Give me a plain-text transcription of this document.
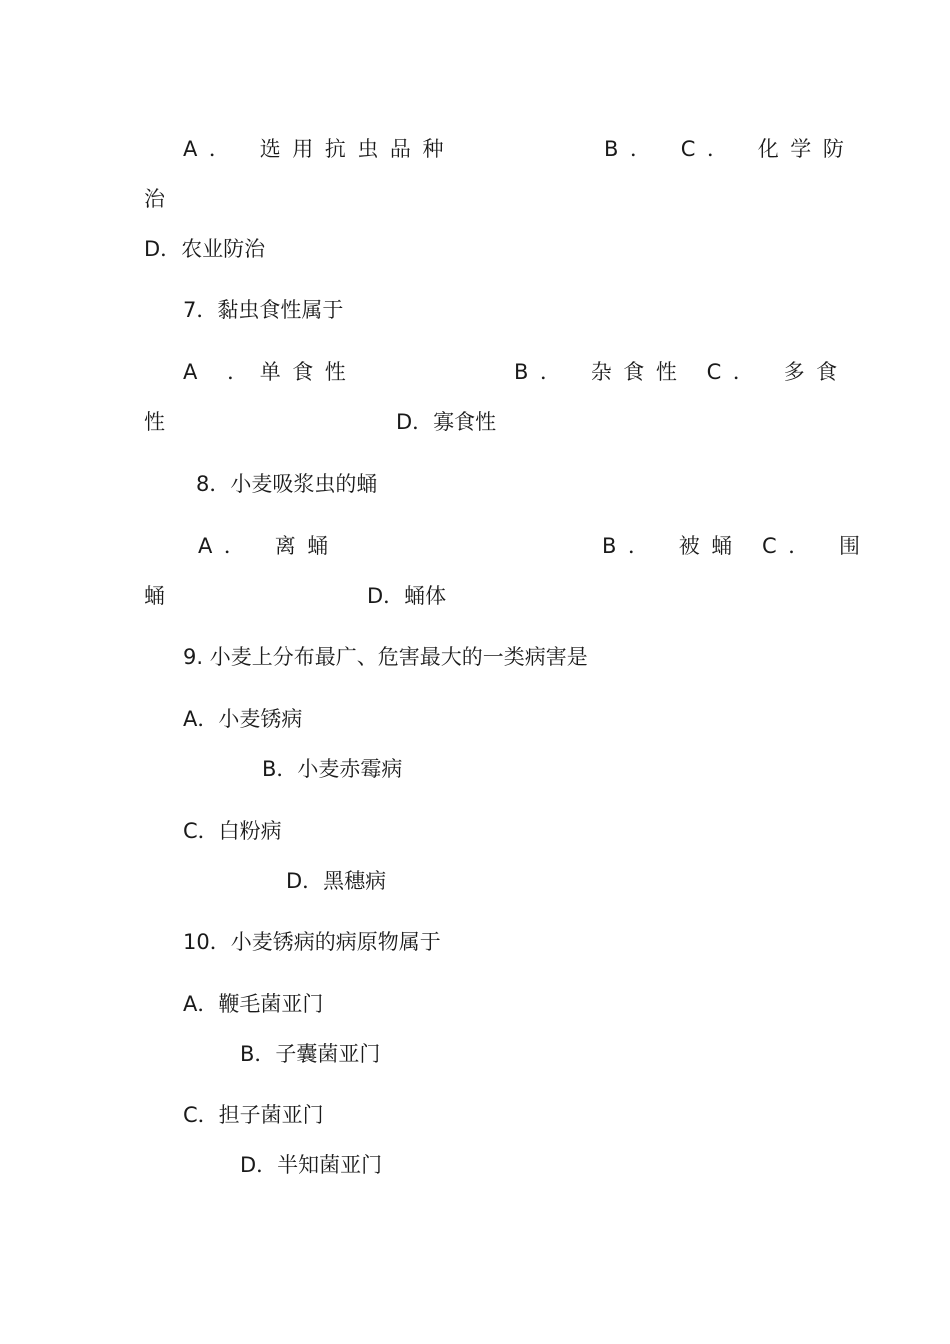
A． 选用抗虫品种	B． C． 化学防
治
D．农业防治
7．黏虫食性属于
A ．单食性	B． 杂食性 C． 多食
性	D．寡食性
8．小麦吸浆虫的蛹
A． 离蛹	B． 被蛹 C． 围
蛹	D．蛹体
9. 小麦上分布最广、危害最大的一类病害是
A．小麦锈病
B．小麦赤霉病
C．白粉病
D．黑穗病
10．小麦锈病的病原物属于
A．鞭毛菌亚门
B．子囊菌亚门
C．担子菌亚门
D．半知菌亚门
